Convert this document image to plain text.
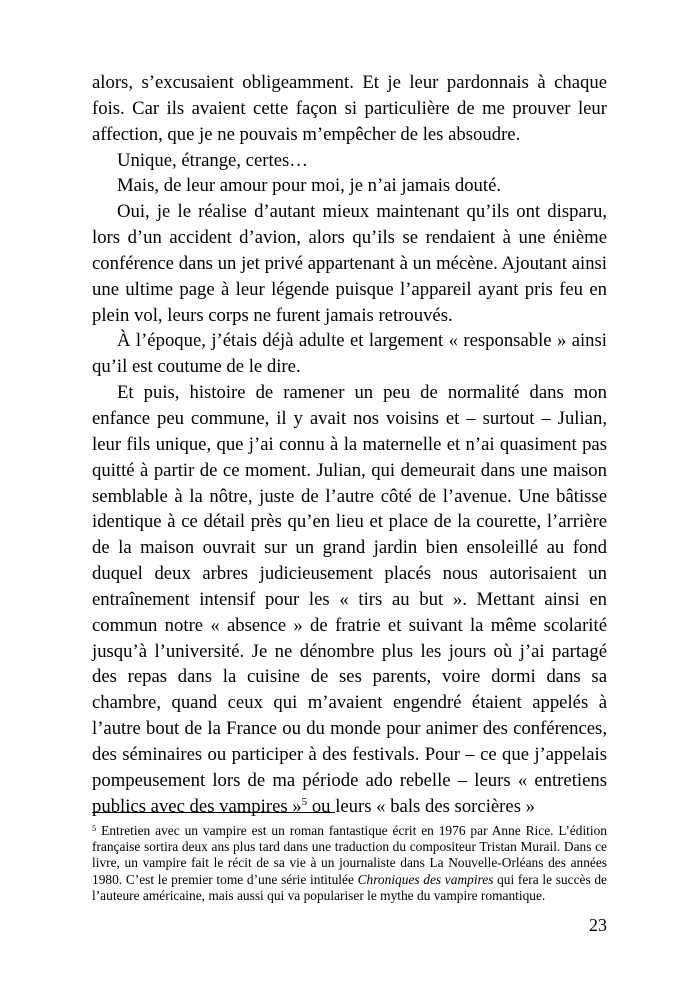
alors, s’excusaient obligeamment. Et je leur pardonnais à chaque fois. Car ils avaient cette façon si particulière de me prouver leur affection, que je ne pouvais m’empêcher de les absoudre.

Unique, étrange, certes…

Mais, de leur amour pour moi, je n’ai jamais douté.

Oui, je le réalise d’autant mieux maintenant qu’ils ont disparu, lors d’un accident d’avion, alors qu’ils se rendaient à une énième conférence dans un jet privé appartenant à un mécène. Ajoutant ainsi une ultime page à leur légende puisque l’appareil ayant pris feu en plein vol, leurs corps ne furent jamais retrouvés.

À l’époque, j’étais déjà adulte et largement « responsable » ainsi qu’il est coutume de le dire.

Et puis, histoire de ramener un peu de normalité dans mon enfance peu commune, il y avait nos voisins et – surtout – Julian, leur fils unique, que j’ai connu à la maternelle et n’ai quasiment pas quitté à partir de ce moment. Julian, qui demeurait dans une maison semblable à la nôtre, juste de l’autre côté de l’avenue. Une bâtisse identique à ce détail près qu’en lieu et place de la courette, l’arrière de la maison ouvrait sur un grand jardin bien ensoleillé au fond duquel deux arbres judicieusement placés nous autorisaient un entraînement intensif pour les « tirs au but ». Mettant ainsi en commun notre « absence » de fratrie et suivant la même scolarité jusqu’à l’université. Je ne dénombre plus les jours où j’ai partagé des repas dans la cuisine de ses parents, voire dormi dans sa chambre, quand ceux qui m’avaient engendré étaient appelés à l’autre bout de la France ou du monde pour animer des conférences, des séminaires ou participer à des festivals. Pour – ce que j’appelais pompeusement lors de ma période ado rebelle – leurs « entretiens publics avec des vampires »$^5$ ou leurs « bals des sorcières »

$^5$ Entretien avec un vampire est un roman fantastique écrit en 1976 par Anne Rice. L’édition française sortira deux ans plus tard dans une traduction du compositeur Tristan Murail. Dans ce livre, un vampire fait le récit de sa vie à un journaliste dans La Nouvelle-Orléans des années 1980. C’est le premier tome d’une série intitulée Chroniques des vampires qui fera le succès de l’auteure américaine, mais aussi qui va populariser le mythe du vampire romantique.

23
